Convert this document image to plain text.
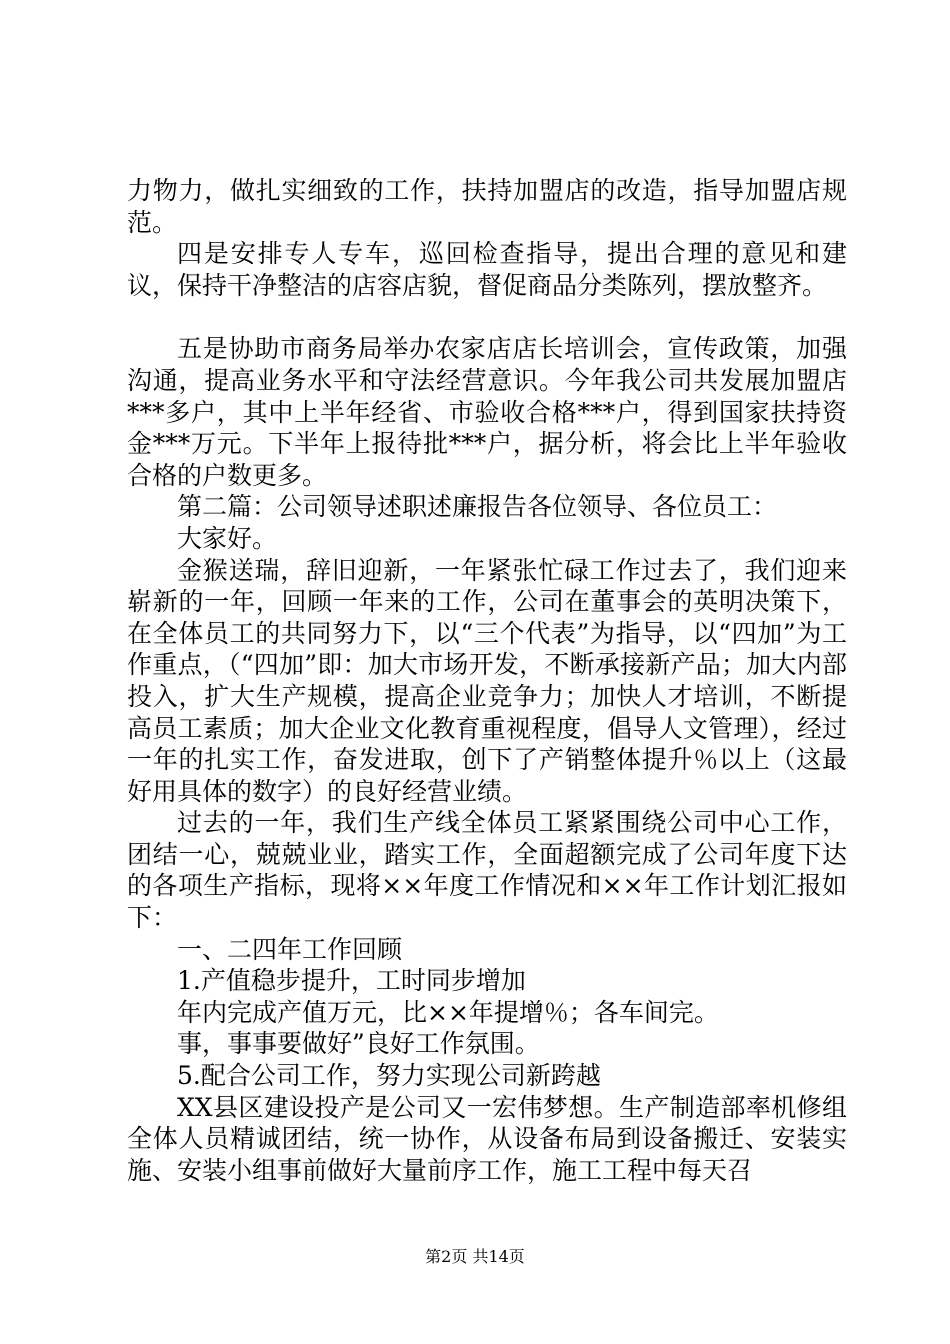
力物力，做扎实细致的工作，扶持加盟店的改造，指导加盟店规范。

四是安排专人专车，巡回检查指导，提出合理的意见和建议，保持干净整洁的店容店貌，督促商品分类陈列，摆放整齐。

五是协助市商务局举办农家店店长培训会，宣传政策，加强沟通，提高业务水平和守法经营意识。今年我公司共发展加盟店***多户，其中上半年经省、市验收合格***户，得到国家扶持资金***万元。下半年上报待批***户，据分析，将会比上半年验收合格的户数更多。

第二篇：公司领导述职述廉报告各位领导、各位员工：

大家好。

金猴送瑞，辞旧迎新，一年紧张忙碌工作过去了，我们迎来崭新的一年，回顾一年来的工作，公司在董事会的英明决策下，在全体员工的共同努力下，以“三个代表”为指导，以“四加”为工作重点，（“四加”即：加大市场开发，不断承接新产品；加大内部投入，扩大生产规模，提高企业竞争力；加快人才培训，不断提高员工素质；加大企业文化教育重视程度，倡导人文管理），经过一年的扎实工作，奋发进取，创下了产销整体提升％以上（这最好用具体的数字）的良好经营业绩。

过去的一年，我们生产线全体员工紧紧围绕公司中心工作，团结一心，兢兢业业，踏实工作，全面超额完成了公司年度下达的各项生产指标，现将××年度工作情况和××年工作计划汇报如下：

一、二四年工作回顾

1.产值稳步提升，工时同步增加

年内完成产值万元，比××年提增％；各车间完。

事，事事要做好”良好工作氛围。

5.配合公司工作，努力实现公司新跨越

XX县区建设投产是公司又一宏伟梦想。生产制造部率机修组全体人员精诚团结，统一协作，从设备布局到设备搬迁、安装实施、安装小组事前做好大量前序工作，施工工程中每天召

第2页 共14页
